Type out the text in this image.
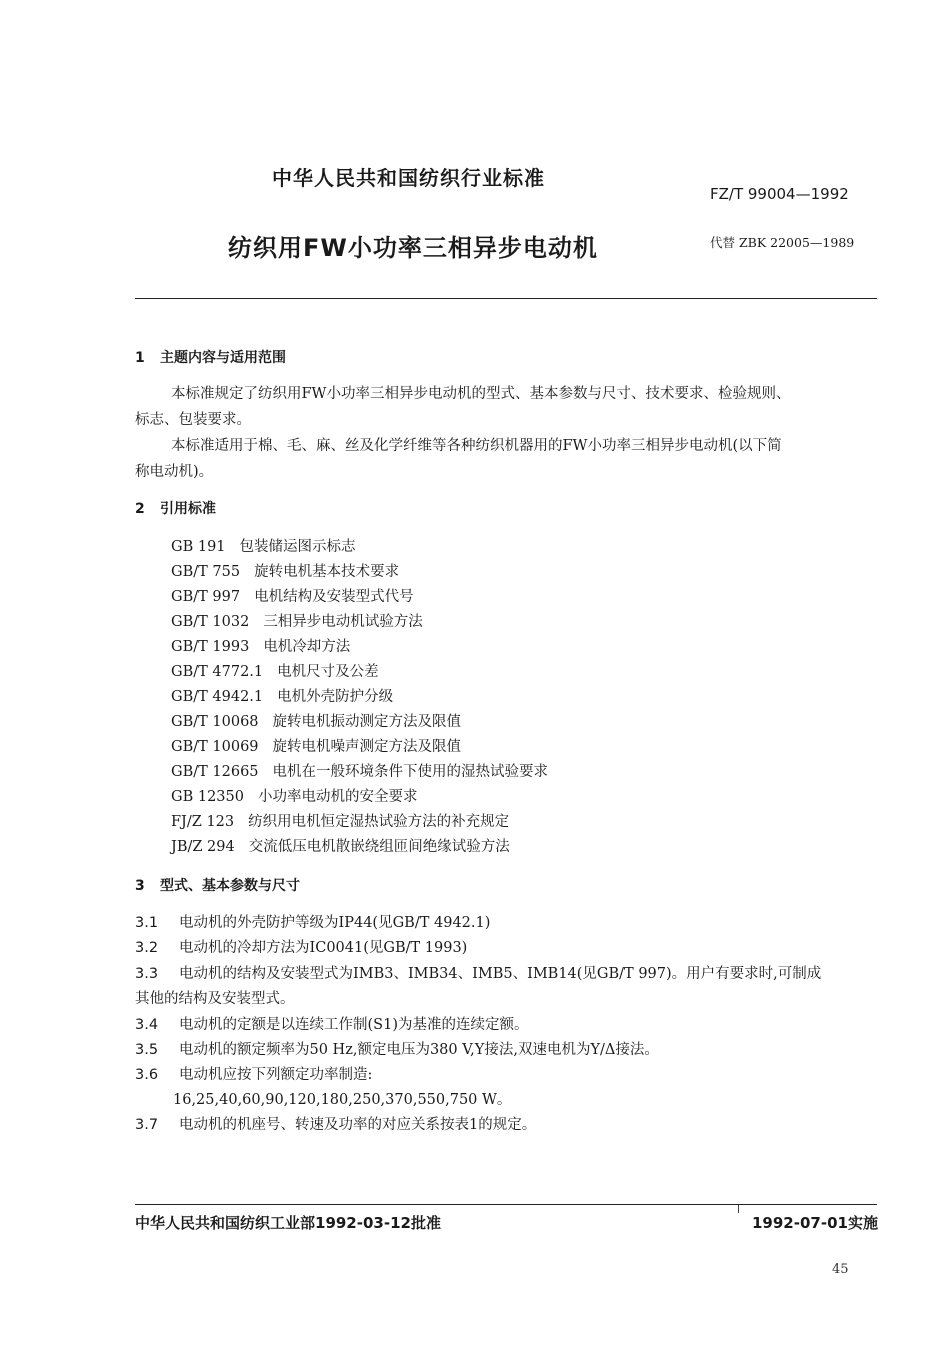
中华人民共和国纺织行业标准
FZ/T 99004—1992
纺织用FW小功率三相异步电动机	代替 ZBK 22005—1989
1 主题内容与适用范围
本标准规定了纺织用FW小功率三相异步电动机的型式、基本参数与尺寸、技术要求、检验规则、
标志、包装要求。
本标准适用于棉、毛、麻、丝及化学纤维等各种纺织机器用的FW小功率三相异步电动机(以下简
称电动机)。
2 引用标准
GB 191 包装储运图示标志
GB/T 755 旋转电机基本技术要求
GB/T 997 电机结构及安装型式代号
GB/T 1032 三相异步电动机试验方法
GB/T 1993 电机冷却方法
GB/T 4772.1 电机尺寸及公差
GB/T 4942.1 电机外壳防护分级
GB/T 10068 旋转电机振动测定方法及限值
GB/T 10069 旋转电机噪声测定方法及限值
GB/T 12665 电机在一般环境条件下使用的湿热试验要求
GB 12350 小功率电动机的安全要求
FJ/Z 123 纺织用电机恒定湿热试验方法的补充规定
JB/Z 294 交流低压电机散嵌绕组匝间绝缘试验方法
3 型式、基本参数与尺寸
3.1 电动机的外壳防护等级为IP44(见GB/T 4942.1)
3.2 电动机的冷却方法为IC0041(见GB/T 1993)
3.3 电动机的结构及安装型式为IMB3、IMB34、IMB5、IMB14(见GB/T 997)。用户有要求时,可制成
其他的结构及安装型式。
3.4 电动机的定额是以连续工作制(S1)为基准的连续定额。
3.5 电动机的额定频率为50 Hz,额定电压为380 V,Y接法,双速电机为Y/Δ接法。
3.6 电动机应按下列额定功率制造:
16,25,40,60,90,120,180,250,370,550,750 W。
3.7 电动机的机座号、转速及功率的对应关系按表1的规定。
中华人民共和国纺织工业部1992-03-12批准	1992-07-01实施
45
